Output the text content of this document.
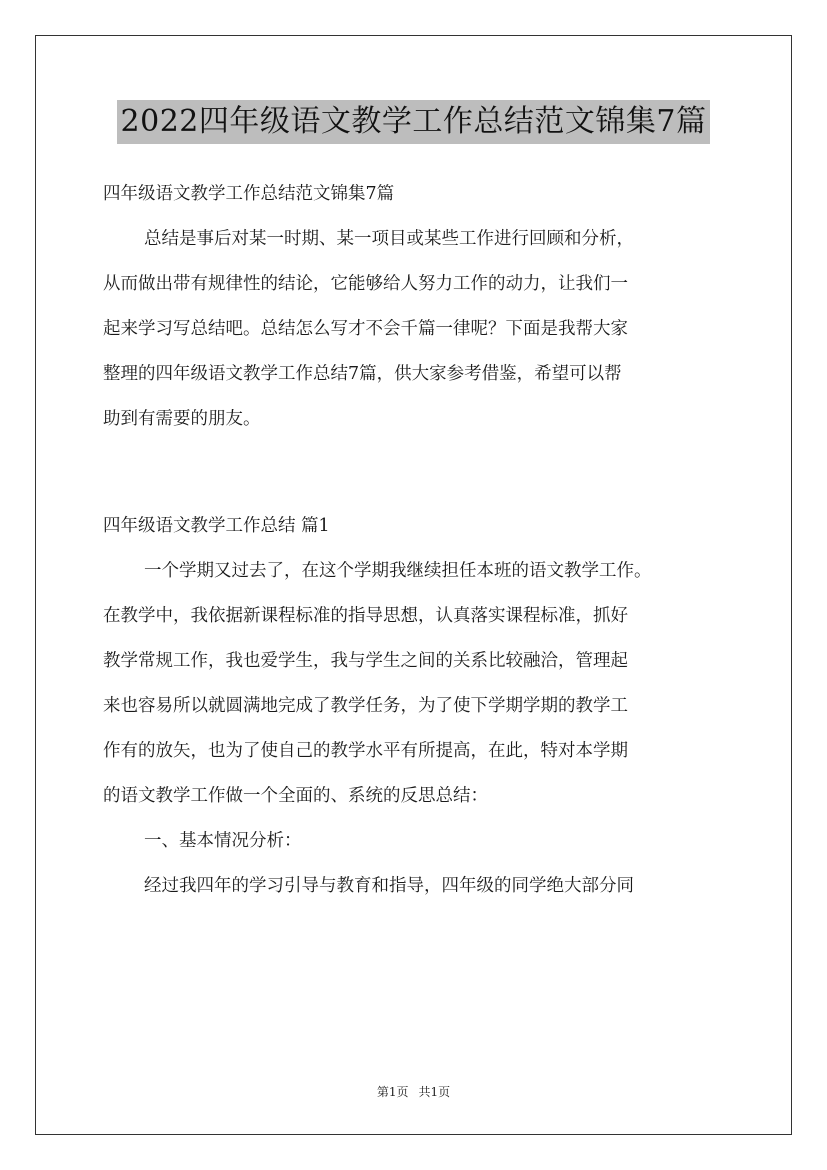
2022四年级语文教学工作总结范文锦集7篇
四年级语文教学工作总结范文锦集7篇
总结是事后对某一时期、某一项目或某些工作进行回顾和分析，
从而做出带有规律性的结论，它能够给人努力工作的动力，让我们一
起来学习写总结吧。总结怎么写才不会千篇一律呢？下面是我帮大家
整理的四年级语文教学工作总结7篇，供大家参考借鉴，希望可以帮
助到有需要的朋友。
四年级语文教学工作总结 篇1
一个学期又过去了，在这个学期我继续担任本班的语文教学工作。
在教学中，我依据新课程标准的指导思想，认真落实课程标准，抓好
教学常规工作，我也爱学生，我与学生之间的关系比较融洽，管理起
来也容易所以就圆满地完成了教学任务，为了使下学期学期的教学工
作有的放矢，也为了使自己的教学水平有所提高，在此，特对本学期
的语文教学工作做一个全面的、系统的反思总结：
一、基本情况分析：
经过我四年的学习引导与教育和指导，四年级的同学绝大部分同
第1页 共1页
